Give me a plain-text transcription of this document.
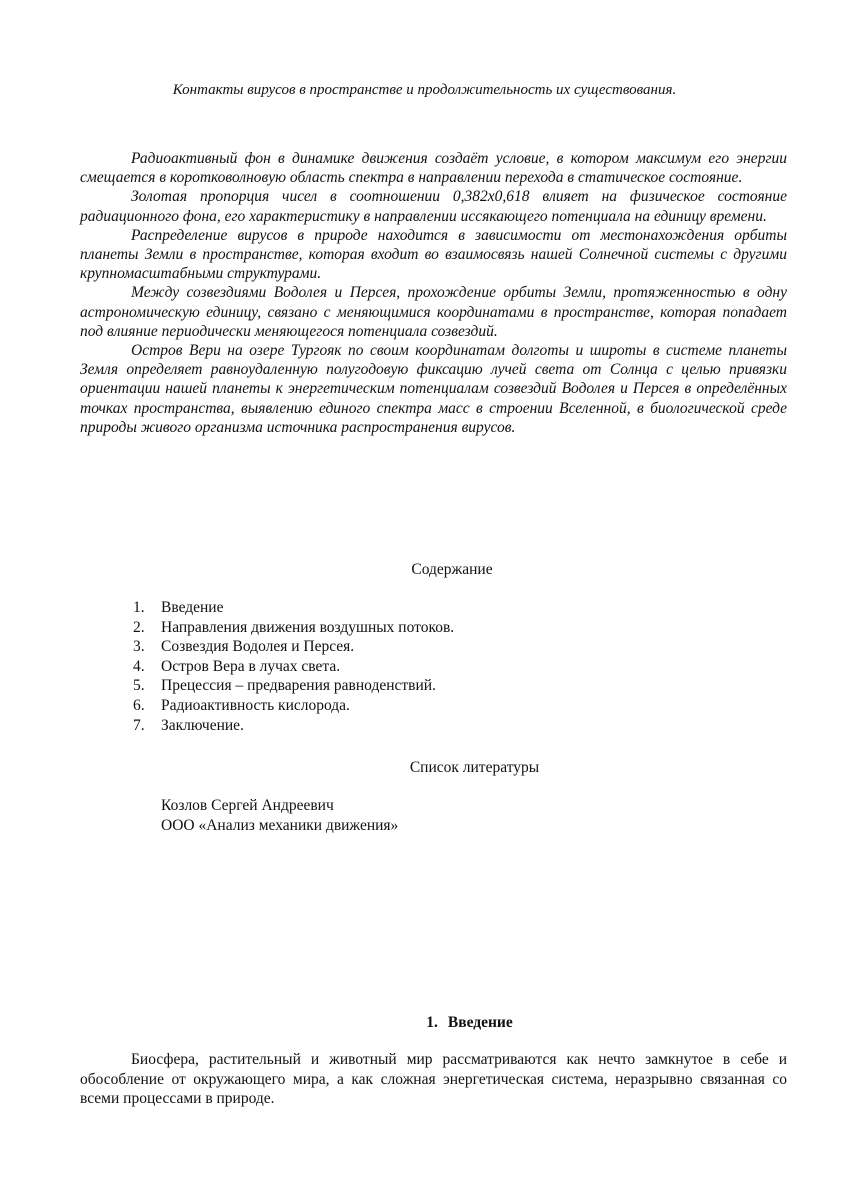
Контакты вирусов в пространстве и продолжительность их существования.

Радиоактивный фон в динамике движения создаёт условие, в котором максимум его энергии смещается в коротковолновую область спектра в направлении перехода в статическое состояние.

Золотая пропорция чисел в соотношении 0,382х0,618 влияет на физическое состояние радиационного фона, его характеристику в направлении иссякающего потенциала на единицу времени.

Распределение вирусов в природе находится в зависимости от местонахождения орбиты планеты Земли в пространстве, которая входит во взаимосвязь нашей Солнечной системы с другими крупномасштабными структурами.

Между созвездиями Водолея и Персея, прохождение орбиты Земли, протяженностью в одну астрономическую единицу, связано с меняющимися координатами в пространстве, которая попадает под влияние периодически меняющегося потенциала созвездий.

Остров Вери на озере Тургояк по своим координатам долготы и широты в системе планеты Земля определяет равноудаленную полугодовую фиксацию лучей света от Солнца с целью привязки ориентации нашей планеты к энергетическим потенциалам созвездий Водолея и Персея в определённых точках пространства, выявлению единого спектра масс в строении Вселенной, в биологической среде природы живого организма источника распространения вирусов.

Содержание
1.	Введение
2.	Направления движения воздушных потоков.
3.	Созвездия Водолея и Персея.
4.	Остров Вера в лучах света.
5.	Прецессия – предварения равноденствий.
6.	Радиоактивность кислорода.
7.	Заключение.
Список литературы
Козлов Сергей Андреевич
ООО «Анализ механики движения»
1. Введение

Биосфера, растительный и животный мир рассматриваются как нечто замкнутое в себе и обособление от окружающего мира, а как сложная энергетическая система, неразрывно связанная со всеми процессами в природе.
